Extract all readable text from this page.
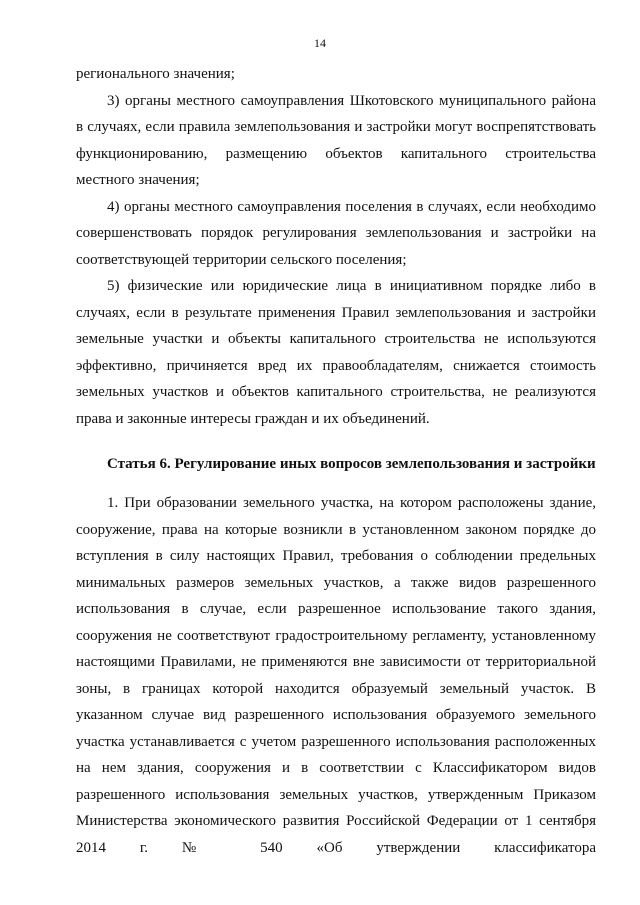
14

регионального значения;

3) органы местного самоуправления Шкотовского муниципального района в случаях, если правила землепользования и застройки могут воспрепятствовать функционированию, размещению объектов капитального строительства местного значения;

4) органы местного самоуправления поселения в случаях, если необходимо совершенствовать порядок регулирования землепользования и застройки на соответствующей территории сельского поселения;

5) физические или юридические лица в инициативном порядке либо в случаях, если в результате применения Правил землепользования и застройки земельные участки и объекты капитального строительства не используются эффективно, причиняется вред их правообладателям, снижается стоимость земельных участков и объектов капитального строительства, не реализуются права и законные интересы граждан и их объединений.

Статья 6. Регулирование иных вопросов землепользования и застройки

1. При образовании земельного участка, на котором расположены здание, сооружение, права на которые возникли в установленном законом порядке до вступления в силу настоящих Правил, требования о соблюдении предельных минимальных размеров земельных участков, а также видов разрешенного использования в случае, если разрешенное использование такого здания, сооружения не соответствуют градостроительному регламенту, установленному настоящими Правилами, не применяются вне зависимости от территориальной зоны, в границах которой находится образуемый земельный участок. В указанном случае вид разрешенного использования образуемого земельного участка устанавливается с учетом разрешенного использования расположенных на нем здания, сооружения и в соответствии с Классификатором видов разрешенного использования земельных участков, утвержденным Приказом Министерства экономического развития Российской Федерации от 1 сентября 2014 г. № 540 «Об утверждении классификатора
